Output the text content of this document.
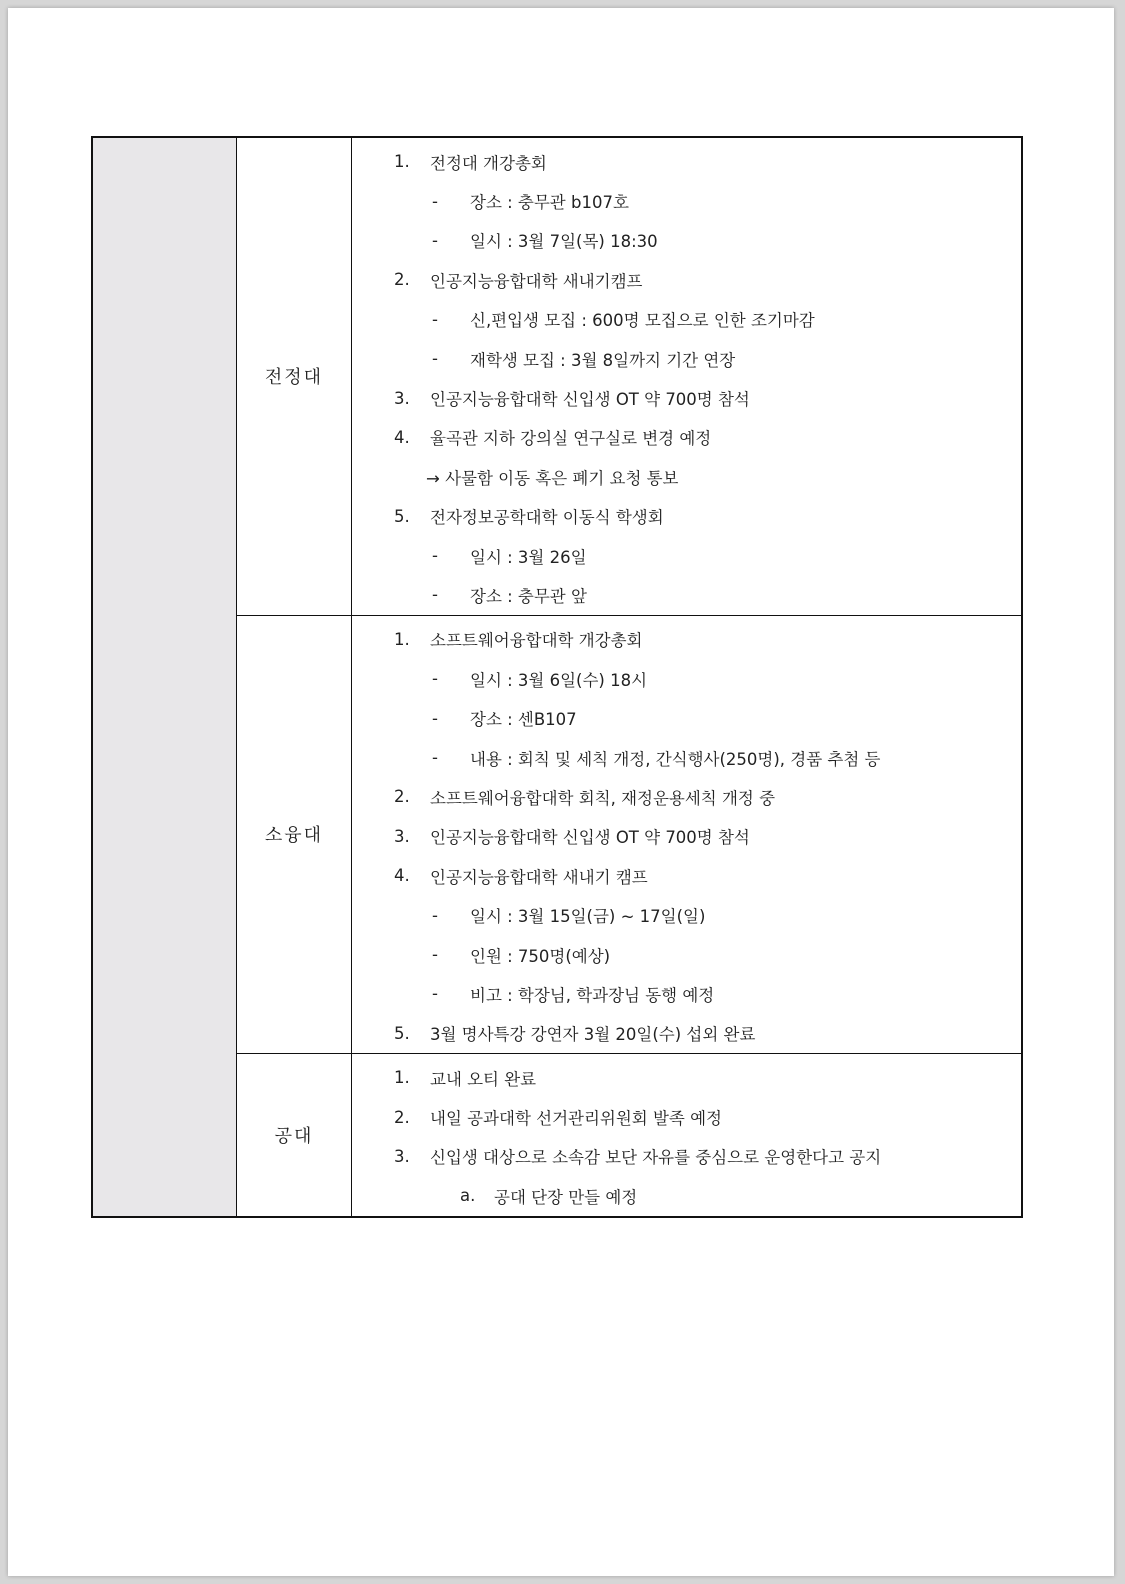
전정대
1.	전정대 개강총회
-	장소 : 충무관 b107호
-	일시 : 3월 7일(목) 18:30
2.	인공지능융합대학 새내기캠프
-	신,편입생 모집 : 600명 모집으로 인한 조기마감
-	재학생 모집 : 3월 8일까지 기간 연장
3.	인공지능융합대학 신입생 OT 약 700명 참석
4.	율곡관 지하 강의실 연구실로 변경 예정
→ 사물함 이동 혹은 폐기 요청 통보
5.	전자정보공학대학 이동식 학생회
-	일시 : 3월 26일
-	장소 : 충무관 앞
소융대
1.	소프트웨어융합대학 개강총회
-	일시 : 3월 6일(수) 18시
-	장소 : 센B107
-	내용 : 회칙 및 세칙 개정, 간식행사(250명), 경품 추첨 등
2.	소프트웨어융합대학 회칙, 재정운용세칙 개정 중
3.	인공지능융합대학 신입생 OT 약 700명 참석
4.	인공지능융합대학 새내기 캠프
-	일시 : 3월 15일(금) ~ 17일(일)
-	인원 : 750명(예상)
-	비고 : 학장님, 학과장님 동행 예정
5.	3월 명사특강 강연자 3월 20일(수) 섭외 완료
공대
1.	교내 오티 완료
2.	내일 공과대학 선거관리위원회 발족 예정
3.	신입생 대상으로 소속감 보단 자유를 중심으로 운영한다고 공지
a.	공대 단장 만들 예정
